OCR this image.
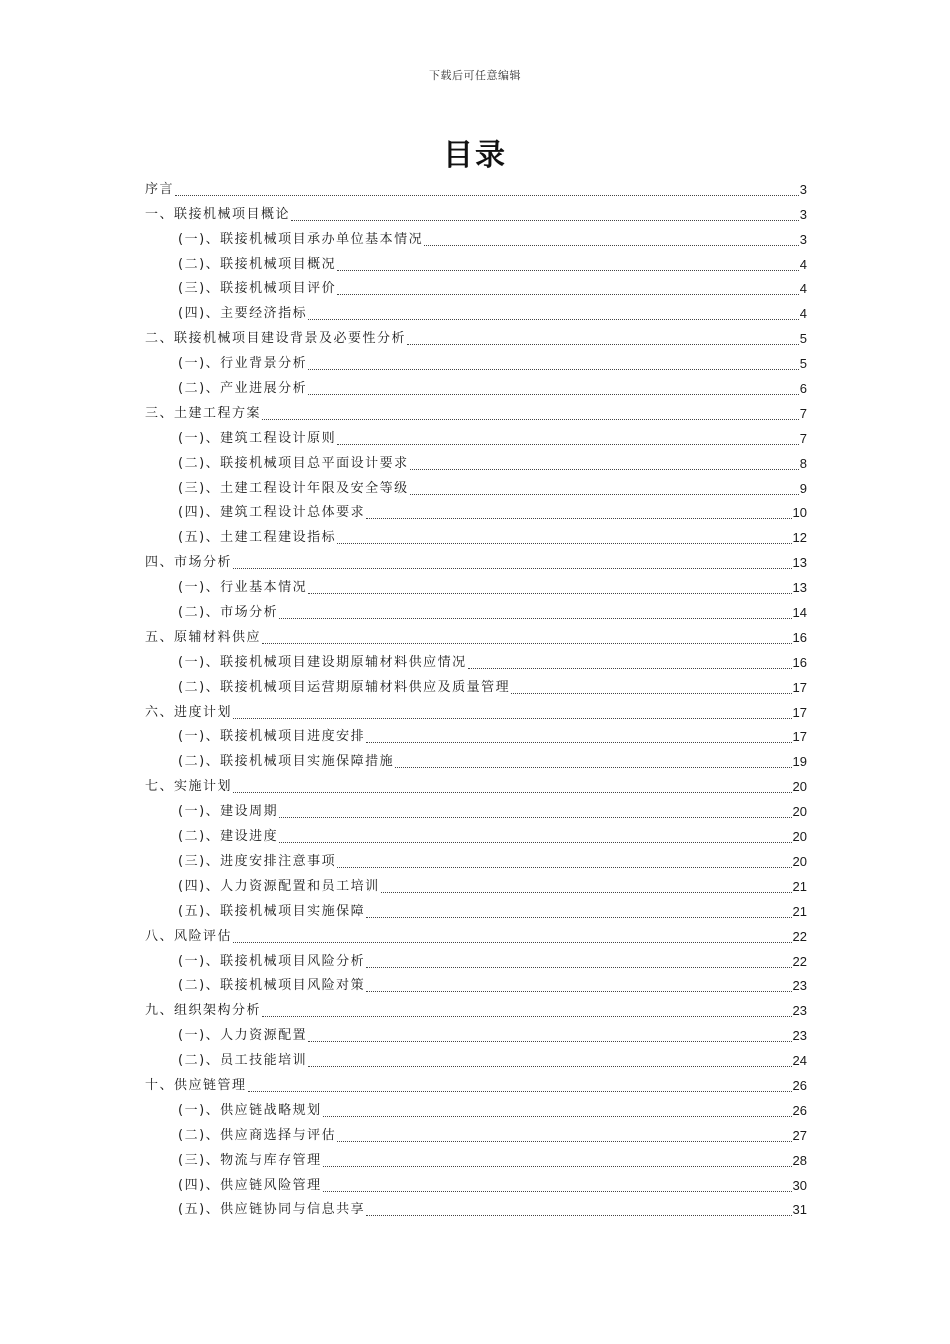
下载后可任意编辑
目录
序言	3
一、联接机械项目概论	3
(一)、联接机械项目承办单位基本情况	3
(二)、联接机械项目概况	4
(三)、联接机械项目评价	4
(四)、主要经济指标	4
二、联接机械项目建设背景及必要性分析	5
(一)、行业背景分析	5
(二)、产业进展分析	6
三、土建工程方案	7
(一)、建筑工程设计原则	7
(二)、联接机械项目总平面设计要求	8
(三)、土建工程设计年限及安全等级	9
(四)、建筑工程设计总体要求	10
(五)、土建工程建设指标	12
四、市场分析	13
(一)、行业基本情况	13
(二)、市场分析	14
五、原辅材料供应	16
(一)、联接机械项目建设期原辅材料供应情况	16
(二)、联接机械项目运营期原辅材料供应及质量管理	17
六、进度计划	17
(一)、联接机械项目进度安排	17
(二)、联接机械项目实施保障措施	19
七、实施计划	20
(一)、建设周期	20
(二)、建设进度	20
(三)、进度安排注意事项	20
(四)、人力资源配置和员工培训	21
(五)、联接机械项目实施保障	21
八、风险评估	22
(一)、联接机械项目风险分析	22
(二)、联接机械项目风险对策	23
九、组织架构分析	23
(一)、人力资源配置	23
(二)、员工技能培训	24
十、供应链管理	26
(一)、供应链战略规划	26
(二)、供应商选择与评估	27
(三)、物流与库存管理	28
(四)、供应链风险管理	30
(五)、供应链协同与信息共享	31
